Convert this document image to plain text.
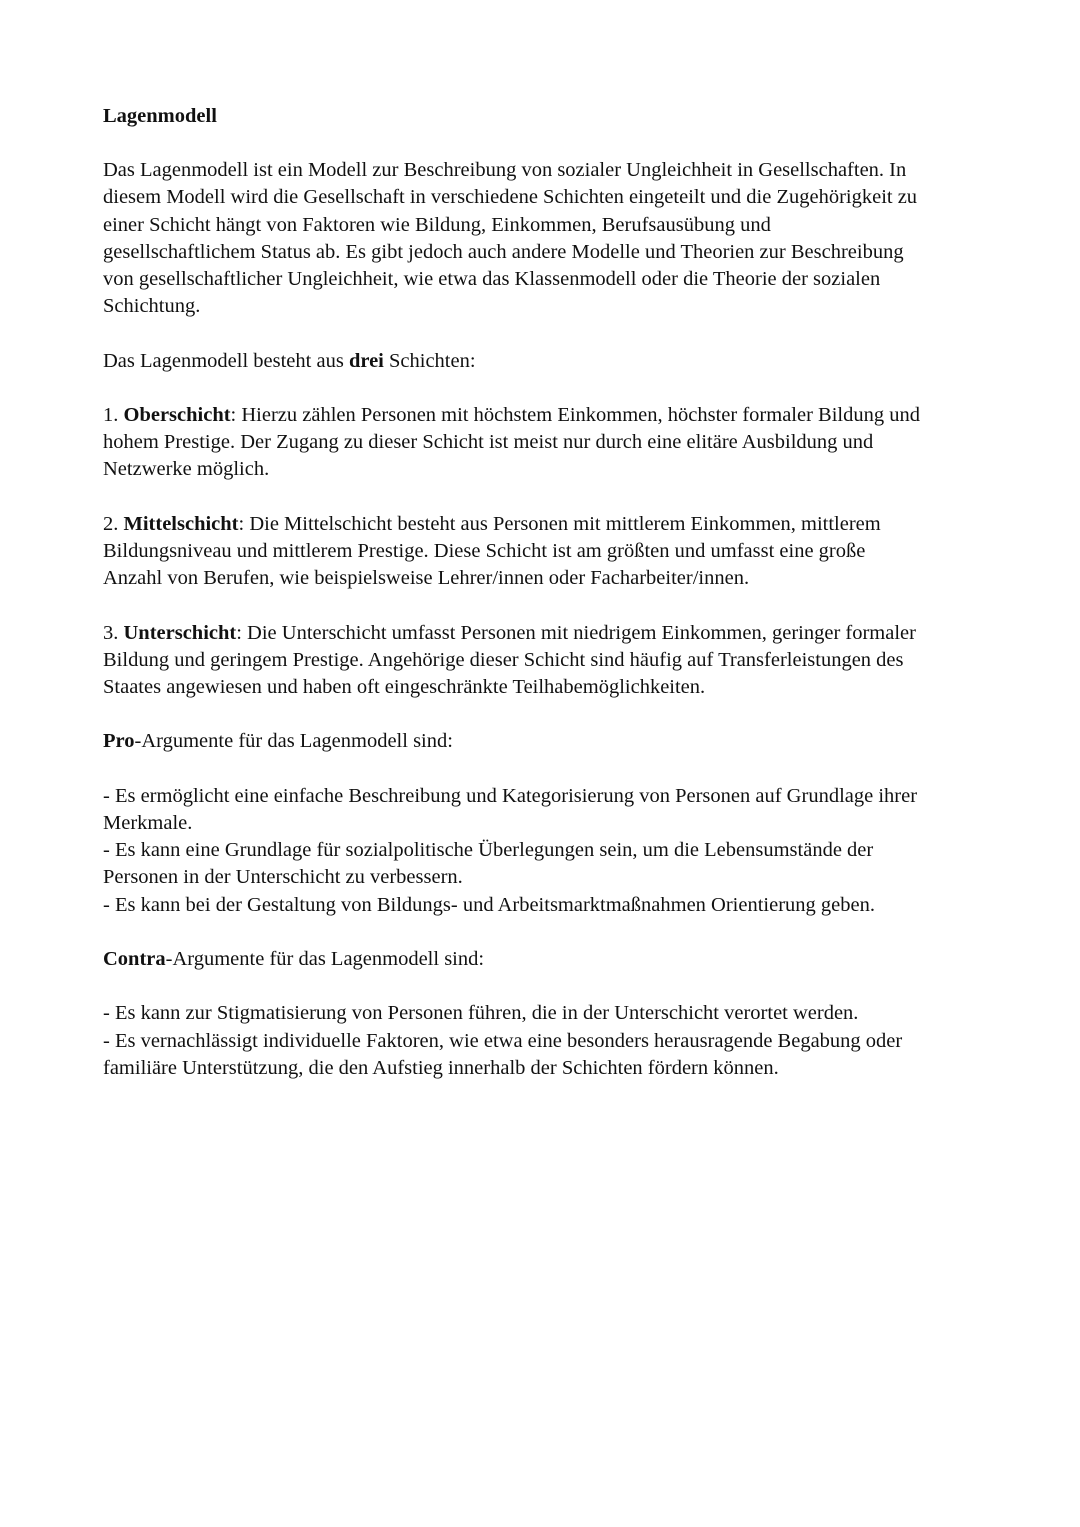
Lagenmodell

Das Lagenmodell ist ein Modell zur Beschreibung von sozialer Ungleichheit in Gesellschaften. In
diesem Modell wird die Gesellschaft in verschiedene Schichten eingeteilt und die Zugehörigkeit zu
einer Schicht hängt von Faktoren wie Bildung, Einkommen, Berufsausübung und
gesellschaftlichem Status ab. Es gibt jedoch auch andere Modelle und Theorien zur Beschreibung
von gesellschaftlicher Ungleichheit, wie etwa das Klassenmodell oder die Theorie der sozialen
Schichtung.

Das Lagenmodell besteht aus drei Schichten:

1. Oberschicht: Hierzu zählen Personen mit höchstem Einkommen, höchster formaler Bildung und
hohem Prestige. Der Zugang zu dieser Schicht ist meist nur durch eine elitäre Ausbildung und
Netzwerke möglich.

2. Mittelschicht: Die Mittelschicht besteht aus Personen mit mittlerem Einkommen, mittlerem
Bildungsniveau und mittlerem Prestige. Diese Schicht ist am größten und umfasst eine große
Anzahl von Berufen, wie beispielsweise Lehrer/innen oder Facharbeiter/innen.

3. Unterschicht: Die Unterschicht umfasst Personen mit niedrigem Einkommen, geringer formaler
Bildung und geringem Prestige. Angehörige dieser Schicht sind häufig auf Transferleistungen des
Staates angewiesen und haben oft eingeschränkte Teilhabemöglichkeiten.

Pro-Argumente für das Lagenmodell sind:

- Es ermöglicht eine einfache Beschreibung und Kategorisierung von Personen auf Grundlage ihrer
Merkmale.
- Es kann eine Grundlage für sozialpolitische Überlegungen sein, um die Lebensumstände der
Personen in der Unterschicht zu verbessern.
- Es kann bei der Gestaltung von Bildungs- und Arbeitsmarktmaßnahmen Orientierung geben.

Contra-Argumente für das Lagenmodell sind:

- Es kann zur Stigmatisierung von Personen führen, die in der Unterschicht verortet werden.
- Es vernachlässigt individuelle Faktoren, wie etwa eine besonders herausragende Begabung oder
familiäre Unterstützung, die den Aufstieg innerhalb der Schichten fördern können.
